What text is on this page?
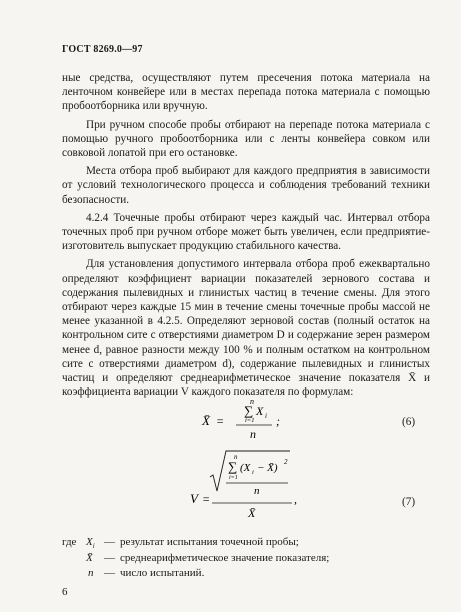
ГОСТ 8269.0—97

ные средства, осуществляют путем пресечения потока материала на ленточном конвейере или в местах перепада потока материала с помощью пробоотборника или вручную.

При ручном способе пробы отбирают на перепаде потока материала с помощью ручного пробоотборника или с ленты конвейера совком или совковой лопатой при его остановке.

Места отбора проб выбирают для каждого предприятия в зависимости от условий технологического процесса и соблюдения требований техники безопасности.

4.2.4 Точечные пробы отбирают через каждый час. Интервал отбора точечных проб при ручном отборе может быть увеличен, если предприятие-изготовитель выпускает продукцию стабильного качества.

Для установления допустимого интервала отбора проб ежеквартально определяют коэффициент вариации показателей зернового состава и содержания пылевидных и глинистых частиц в течение смены. Для этого отбирают через каждые 15 мин в течение смены точечные пробы массой не менее указанной в 4.2.5. Определяют зерновой состав (полный остаток на контрольном сите с отверстиями диаметром D и содержание зерен размером менее d, равное разности между 100 % и полным остатком на контрольном сите с отверстиями диаметром d), содержание пылевидных и глинистых частиц и определяют среднеарифметическое значение показателя X̄ и коэффициента вариации V каждого показателя по формулам:

X̄ =
n
∑ X i
i=1
n
;	(6)
V =
n
∑ (X i − X̄) 2
i=1
n
X̄
,	(7)
где $X_i$ — результат испытания точечной пробы;
X̄ — среднеарифметическое значение показателя;
n — число испытаний.
6
